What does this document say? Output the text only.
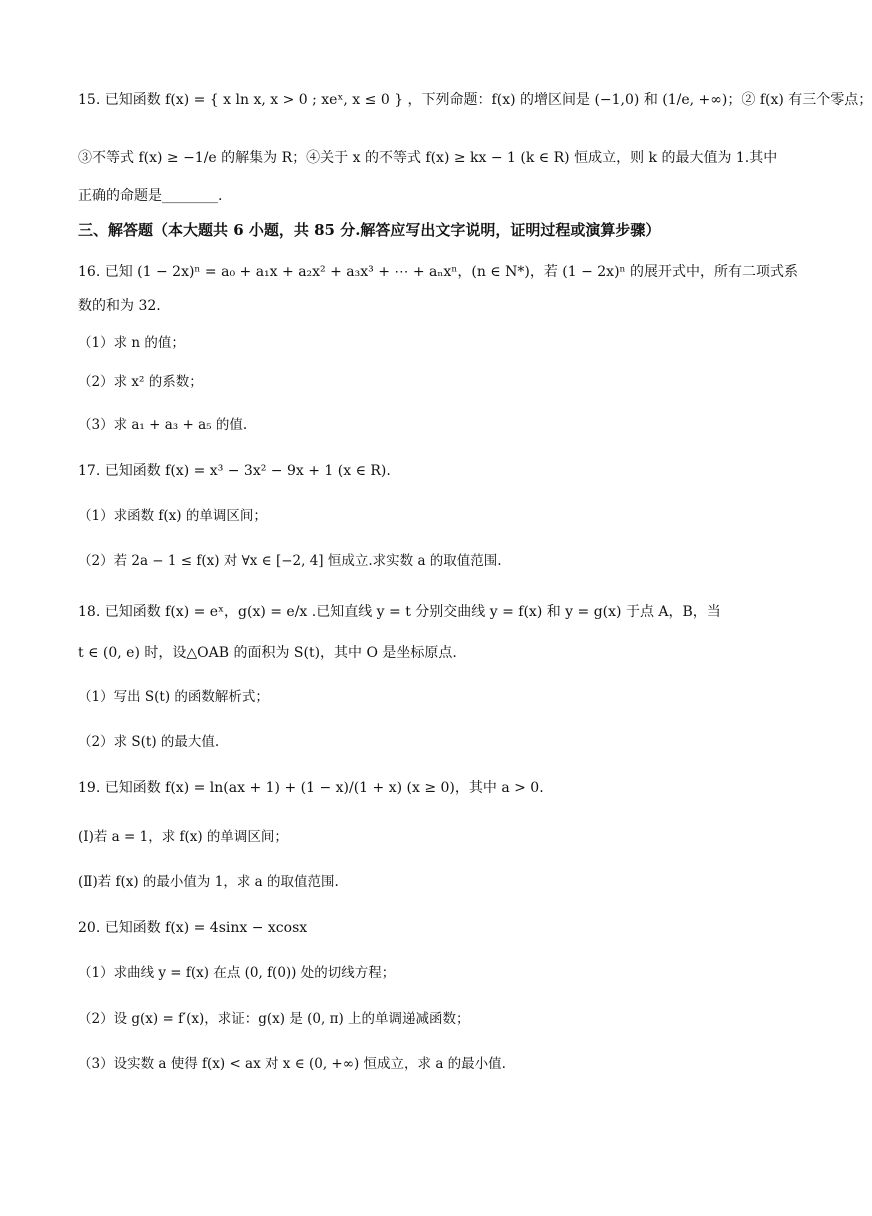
15. 已知函数 f(x) = { x ln x, x > 0 ; xeˣ, x ≤ 0 } ，下列命题：f(x) 的增区间是 (−1,0) 和 (1/e, +∞)；② f(x) 有三个零点；
③不等式 f(x) ≥ −1/e 的解集为 R；④关于 x 的不等式 f(x) ≥ kx − 1 (k ∈ R) 恒成立，则 k 的最大值为 1.其中
正确的命题是________.
三、解答题（本大题共 6 小题，共 85 分.解答应写出文字说明，证明过程或演算步骤）
16. 已知 (1 − 2x)ⁿ = a₀ + a₁x + a₂x² + a₃x³ + ⋯ + aₙxⁿ，(n ∈ N*)，若 (1 − 2x)ⁿ 的展开式中，所有二项式系
数的和为 32.
（1）求 n 的值；
（2）求 x² 的系数；
（3）求 a₁ + a₃ + a₅ 的值.
17. 已知函数 f(x) = x³ − 3x² − 9x + 1 (x ∈ R).
（1）求函数 f(x) 的单调区间；
（2）若 2a − 1 ≤ f(x) 对 ∀x ∈ [−2, 4] 恒成立.求实数 a 的取值范围.
18. 已知函数 f(x) = eˣ，g(x) = e/x .已知直线 y = t 分别交曲线 y = f(x) 和 y = g(x) 于点 A，B，当
t ∈ (0, e) 时，设△OAB 的面积为 S(t)，其中 O 是坐标原点.
（1）写出 S(t) 的函数解析式；
（2）求 S(t) 的最大值.
19. 已知函数 f(x) = ln(ax + 1) + (1 − x)/(1 + x) (x ≥ 0)，其中 a > 0.
(Ⅰ)若 a = 1，求 f(x) 的单调区间；
(Ⅱ)若 f(x) 的最小值为 1，求 a 的取值范围.
20. 已知函数 f(x) = 4sinx − xcosx
（1）求曲线 y = f(x) 在点 (0, f(0)) 处的切线方程；
（2）设 g(x) = f′(x)，求证：g(x) 是 (0, π) 上的单调递减函数；
（3）设实数 a 使得 f(x) < ax 对 x ∈ (0, +∞) 恒成立，求 a 的最小值.
